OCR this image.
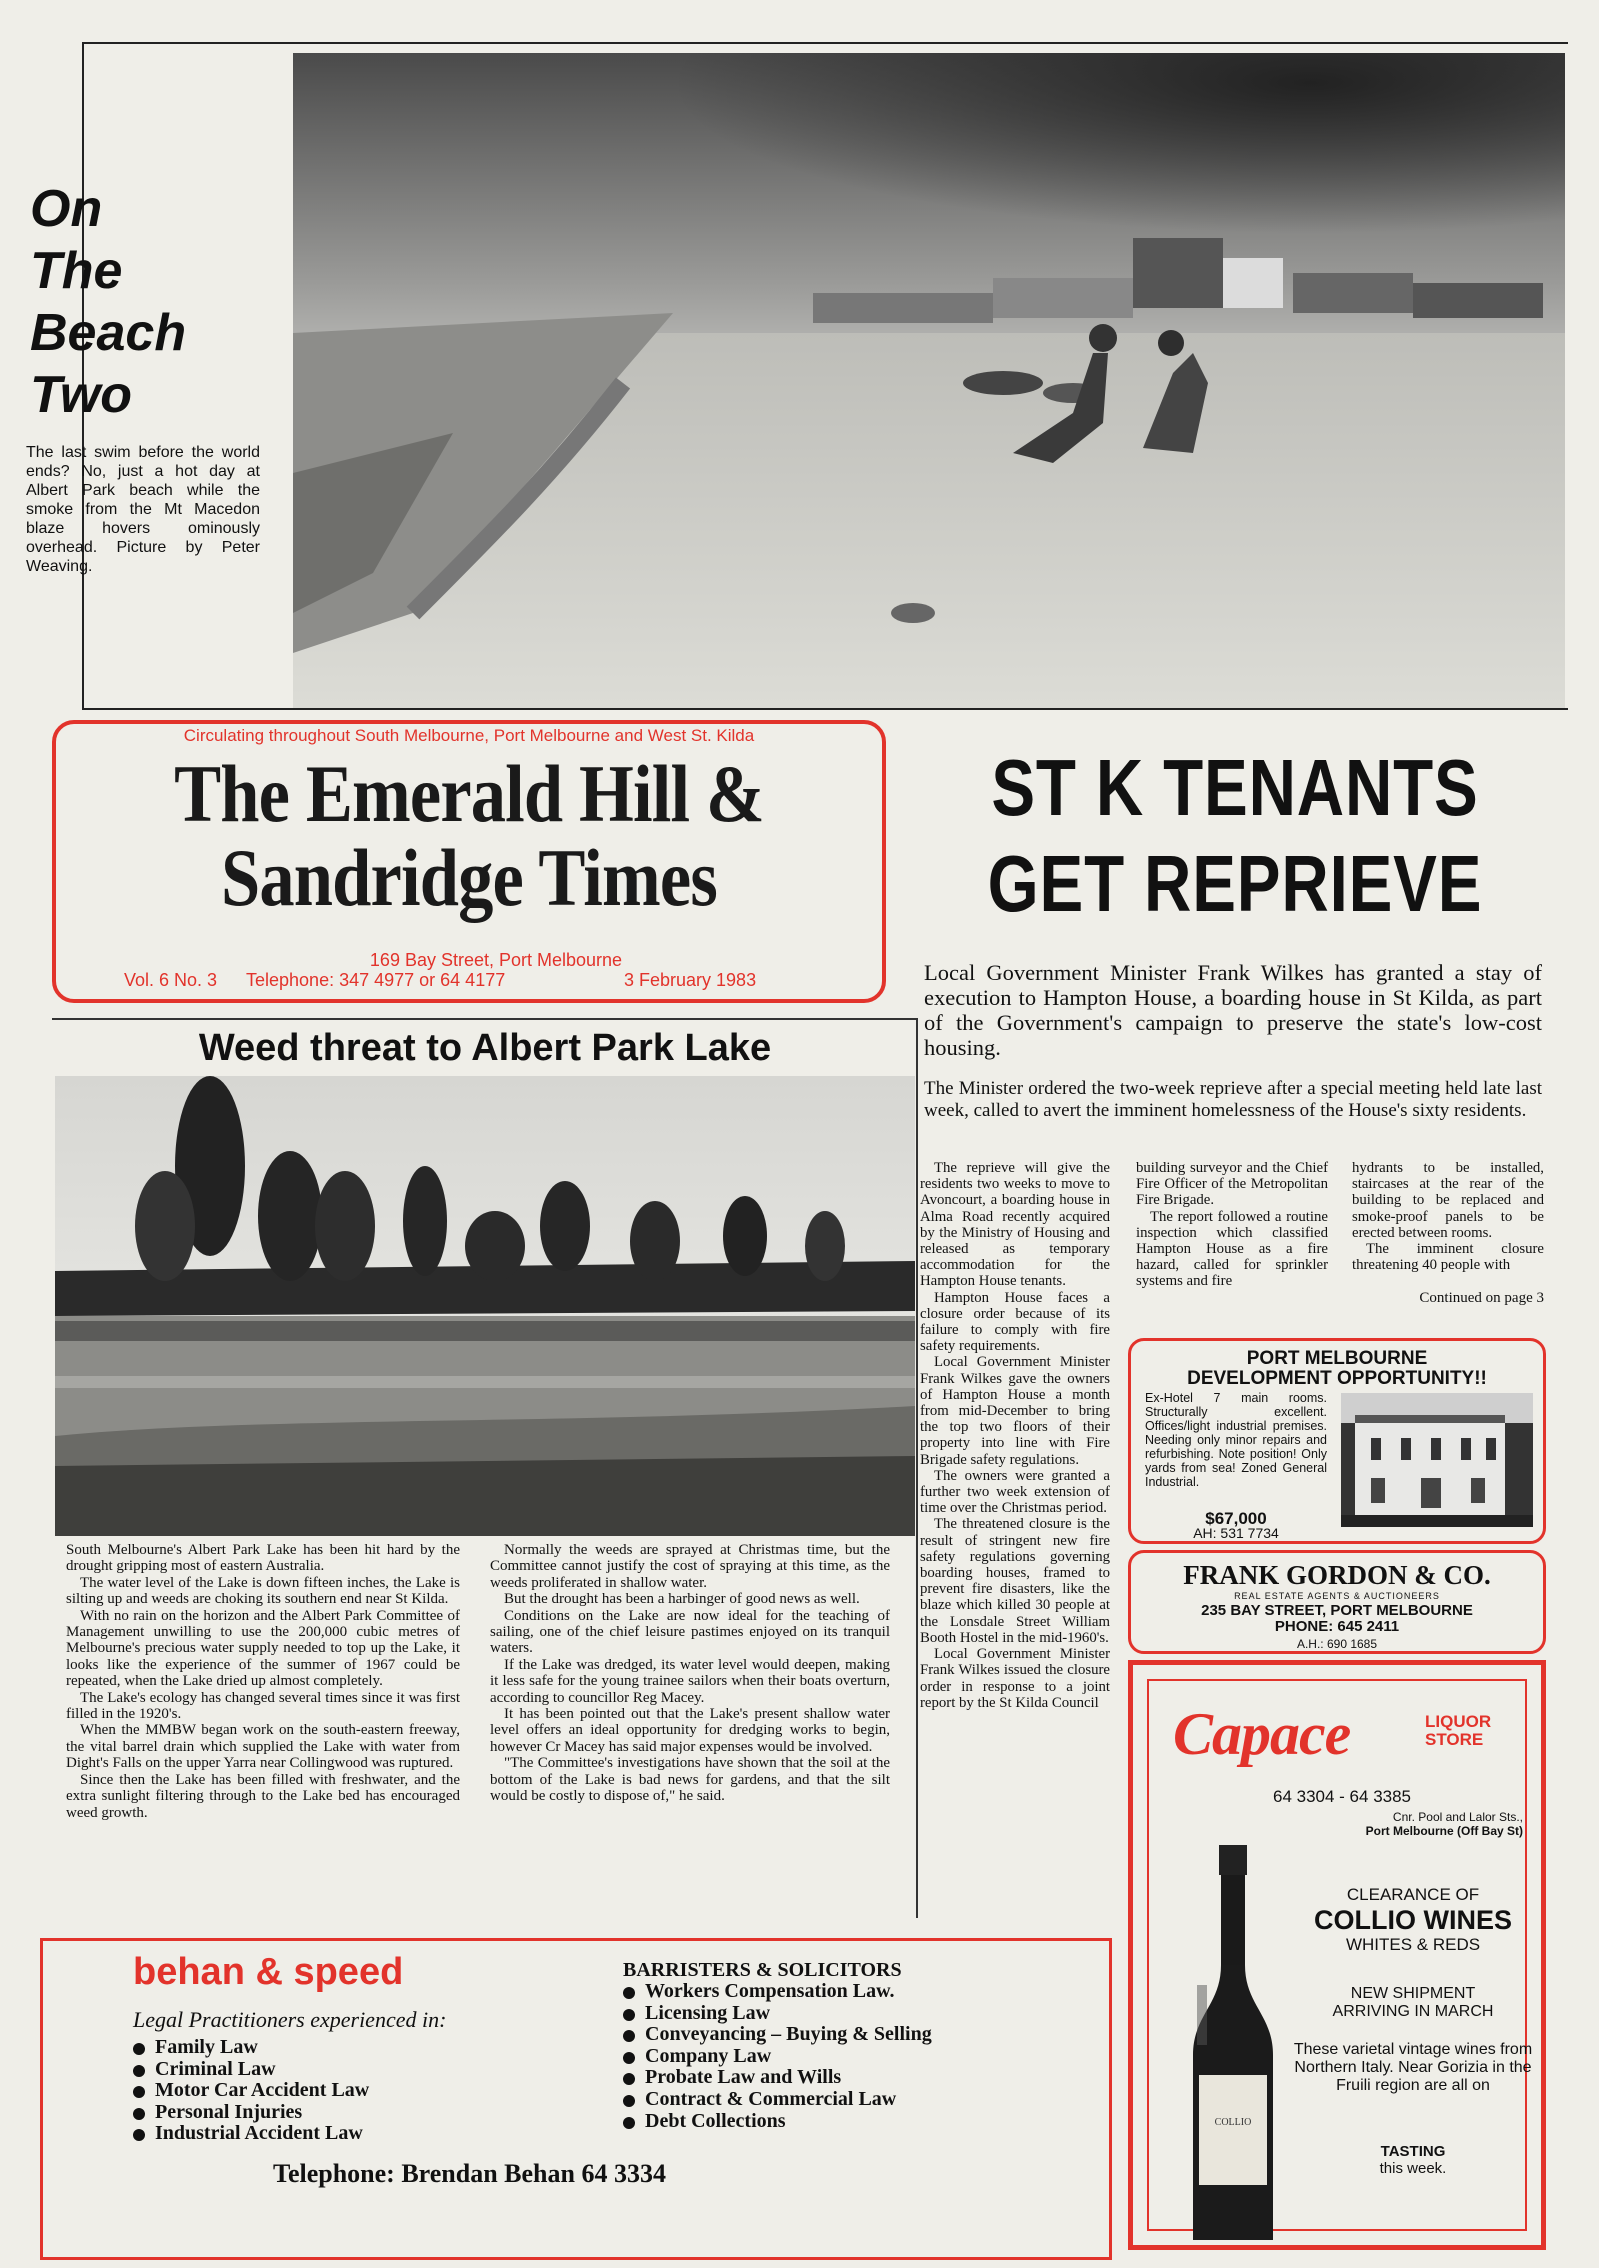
On
The
Beach
Two
The last swim before the world ends? No, just a hot day at Albert Park beach while the smoke from the Mt Macedon blaze hovers ominously overhead. Picture by Peter Weaving.
Circulating throughout South Melbourne, Port Melbourne and West St. Kilda
The Emerald Hill &
Sandridge Times
169 Bay Street, Port Melbourne
Vol. 6 No. 3 Telephone: 347 4977 or 64 4177	3 February 1983
ST K TENANTS
GET REPRIEVE
Local Government Minister Frank Wilkes has granted a stay of execution to Hampton House, a boarding house in St Kilda, as part of the Government's campaign to preserve the state's low-cost housing.
The Minister ordered the two-week reprieve after a special meeting held late last week, called to avert the imminent homelessness of the House's sixty residents.

The reprieve will give the residents two weeks to move to Avoncourt, a boarding house in Alma Road recently acquired by the Ministry of Housing and released as temporary accommodation for the Hampton House tenants.

Hampton House faces a closure order because of its failure to comply with fire safety requirements.

Local Government Minister Frank Wilkes gave the owners of Hampton House a month from mid-December to bring the top two floors of their property into line with Fire Brigade safety regulations.

The owners were granted a further two week extension of time over the Christmas period.

The threatened closure is the result of stringent new fire safety regulations governing boarding houses, framed to prevent fire disasters, like the blaze which killed 30 people at the Lonsdale Street William Booth Hostel in the mid-1960's.

Local Government Minister Frank Wilkes issued the closure order in response to a joint report by the St Kilda Council

building surveyor and the Chief Fire Officer of the Metropolitan Fire Brigade.

The report followed a routine inspection which classified Hampton House as a fire hazard, called for sprinkler systems and fire

hydrants to be installed, staircases at the rear of the building to be replaced and smoke-proof panels to be erected between rooms.

The imminent closure threatening 40 people with

Continued on page 3
Weed threat to Albert Park Lake

South Melbourne's Albert Park Lake has been hit hard by the drought gripping most of eastern Australia.

The water level of the Lake is down fifteen inches, the Lake is silting up and weeds are choking its southern end near St Kilda.

With no rain on the horizon and the Albert Park Committee of Management unwilling to use the 200,000 cubic metres of Melbourne's precious water supply needed to top up the Lake, it looks like the experience of the summer of 1967 could be repeated, when the Lake dried up almost completely.

The Lake's ecology has changed several times since it was first filled in the 1920's.

When the MMBW began work on the south-eastern freeway, the vital barrel drain which supplied the Lake with water from Dight's Falls on the upper Yarra near Collingwood was ruptured.

Since then the Lake has been filled with freshwater, and the extra sunlight filtering through to the Lake bed has encouraged weed growth.

Normally the weeds are sprayed at Christmas time, but the Committee cannot justify the cost of spraying at this time, as the weeds proliferated in shallow water.

But the drought has been a harbinger of good news as well.

Conditions on the Lake are now ideal for the teaching of sailing, one of the chief leisure pastimes enjoyed on its tranquil waters.

If the Lake was dredged, its water level would deepen, making it less safe for the young trainee sailors when their boats overturn, according to councillor Reg Macey.

It has been pointed out that the Lake's present shallow water level offers an ideal opportunity for dredging works to begin, however Cr Macey has said major expenses would be involved.

"The Committee's investigations have shown that the soil at the bottom of the Lake is bad news for gardens, and that the silt would be costly to dispose of," he said.

PORT MELBOURNE
DEVELOPMENT OPPORTUNITY!!
Ex-Hotel 7 main rooms. Structurally excellent. Offices/light industrial premises. Needing only minor repairs and refurbishing. Note position! Only yards from sea! Zoned General Industrial.
$67,000
AH: 531 7734
FRANK GORDON & CO.
REAL ESTATE AGENTS & AUCTIONEERS
235 BAY STREET, PORT MELBOURNE
PHONE: 645 2411
A.H.: 690 1685
Capace	LIQUOR
STORE
64 3304 - 64 3385
Cnr. Pool and Lalor Sts.,
Port Melbourne (Off Bay St)
COLLIO
CLEARANCE OF
COLLIO WINES
WHITES & REDS
NEW SHIPMENT
ARRIVING IN MARCH
These varietal vintage wines from Northern Italy. Near Gorizia in the Fruili region are all on
TASTING
this week.
behan & speed
Legal Practitioners experienced in:
Family Law
Criminal Law
Motor Car Accident Law
Personal Injuries
Industrial Accident Law
BARRISTERS & SOLICITORS
Workers Compensation Law.
Licensing Law
Conveyancing – Buying & Selling
Company Law
Probate Law and Wills
Contract & Commercial Law
Debt Collections
Telephone: Brendan Behan 64 3334
